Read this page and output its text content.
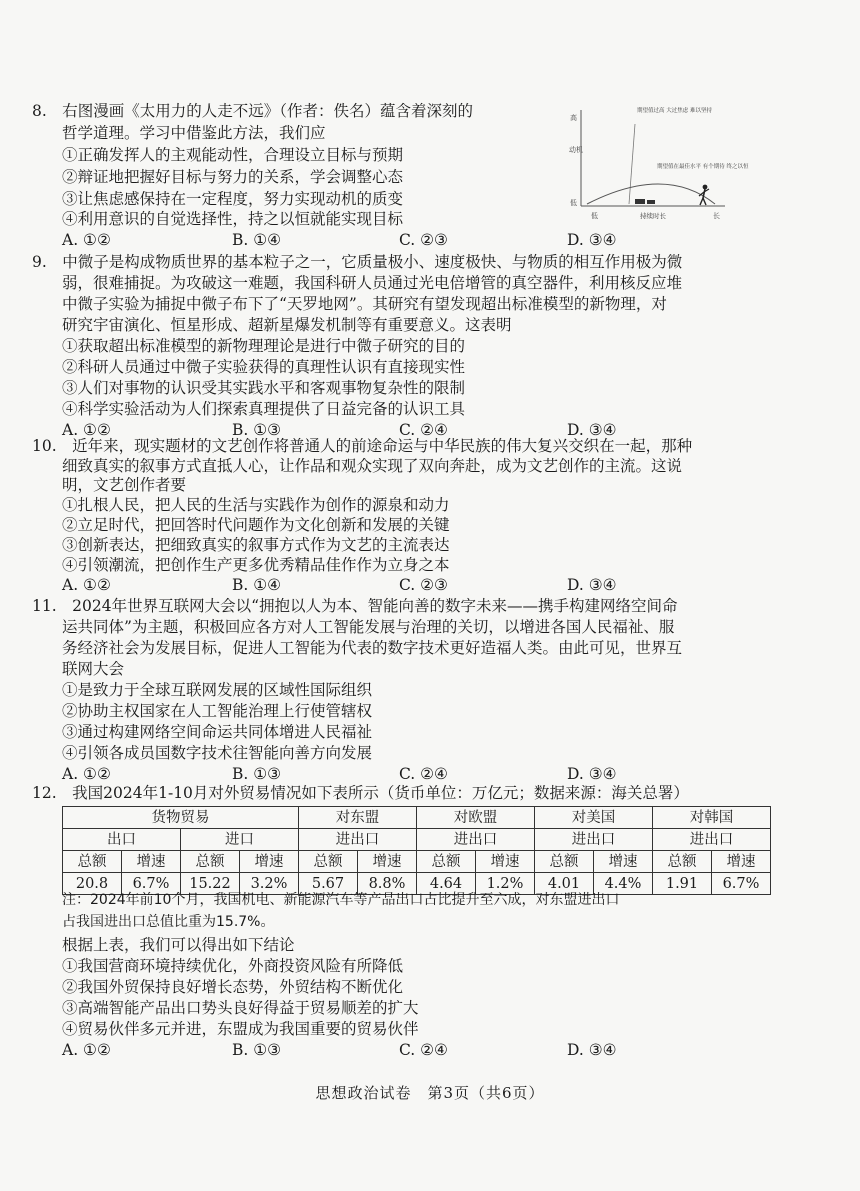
8.　右图漫画《太用力的人走不远》（作者：佚名）蕴含着深刻的
哲学道理。学习中借鉴此方法，我们应
①正确发挥人的主观能动性，合理设立目标与预期
②辩证地把握好目标与努力的关系，学会调整心态
③让焦虑感保持在一定程度，努力实现动机的质变
④利用意识的自觉选择性，持之以恒就能实现目标
A. ①②	B. ①④	C. ②③	D. ③④
高
动机
低
低	持续时长	长
期望值过高 大过焦虑 难以坚持
期望值在最佳水平 有个期待 终之以恒
9.　中微子是构成物质世界的基本粒子之一，它质量极小、速度极快、与物质的相互作用极为微
弱，很难捕捉。为攻破这一难题，我国科研人员通过光电倍增管的真空器件，利用核反应堆
中微子实验为捕捉中微子布下了“天罗地网”。其研究有望发现超出标准模型的新物理，对
研究宇宙演化、恒星形成、超新星爆发机制等有重要意义。这表明
①获取超出标准模型的新物理理论是进行中微子研究的目的
②科研人员通过中微子实验获得的真理性认识有直接现实性
③人们对事物的认识受其实践水平和客观事物复杂性的限制
④科学实验活动为人们探索真理提供了日益完备的认识工具
A. ①②	B. ①③	C. ②④	D. ③④
10.　近年来，现实题材的文艺创作将普通人的前途命运与中华民族的伟大复兴交织在一起，那种
细致真实的叙事方式直抵人心，让作品和观众实现了双向奔赴，成为文艺创作的主流。这说
明，文艺创作者要
①扎根人民，把人民的生活与实践作为创作的源泉和动力
②立足时代，把回答时代问题作为文化创新和发展的关键
③创新表达，把细致真实的叙事方式作为文艺的主流表达
④引领潮流，把创作生产更多优秀精品佳作作为立身之本
A. ①②	B. ①④	C. ②③	D. ③④
11.　2024年世界互联网大会以“拥抱以人为本、智能向善的数字未来——携手构建网络空间命
运共同体”为主题，积极回应各方对人工智能发展与治理的关切，以增进各国人民福祉、服
务经济社会为发展目标，促进人工智能为代表的数字技术更好造福人类。由此可见，世界互
联网大会
①是致力于全球互联网发展的区域性国际组织
②协助主权国家在人工智能治理上行使管辖权
③通过构建网络空间命运共同体增进人民福祉
④引领各成员国数字技术往智能向善方向发展
A. ①②	B. ①③	C. ②④	D. ③④
12.　我国2024年1-10月对外贸易情况如下表所示（货币单位：万亿元；数据来源：海关总署）
货物贸易				对东盟		对欧盟		对美国		对韩国	
出口		进口		进出口		进出口		进出口		进出口	
总额	增速	总额	增速	总额	增速	总额	增速	总额	增速	总额	增速
20.8	6.7%	15.22	3.2%	5.67	8.8%	4.64	1.2%	4.01	4.4%	1.91	6.7%
注：2024年前10个月，我国机电、新能源汽车等产品出口占比提升至六成，对东盟进出口
占我国进出口总值比重为15.7%。
根据上表，我们可以得出如下结论
①我国营商环境持续优化，外商投资风险有所降低
②我国外贸保持良好增长态势，外贸结构不断优化
③高端智能产品出口势头良好得益于贸易顺差的扩大
④贸易伙伴多元并进，东盟成为我国重要的贸易伙伴
A. ①②	B. ①③	C. ②④	D. ③④
思想政治试卷　第3页（共6页）
